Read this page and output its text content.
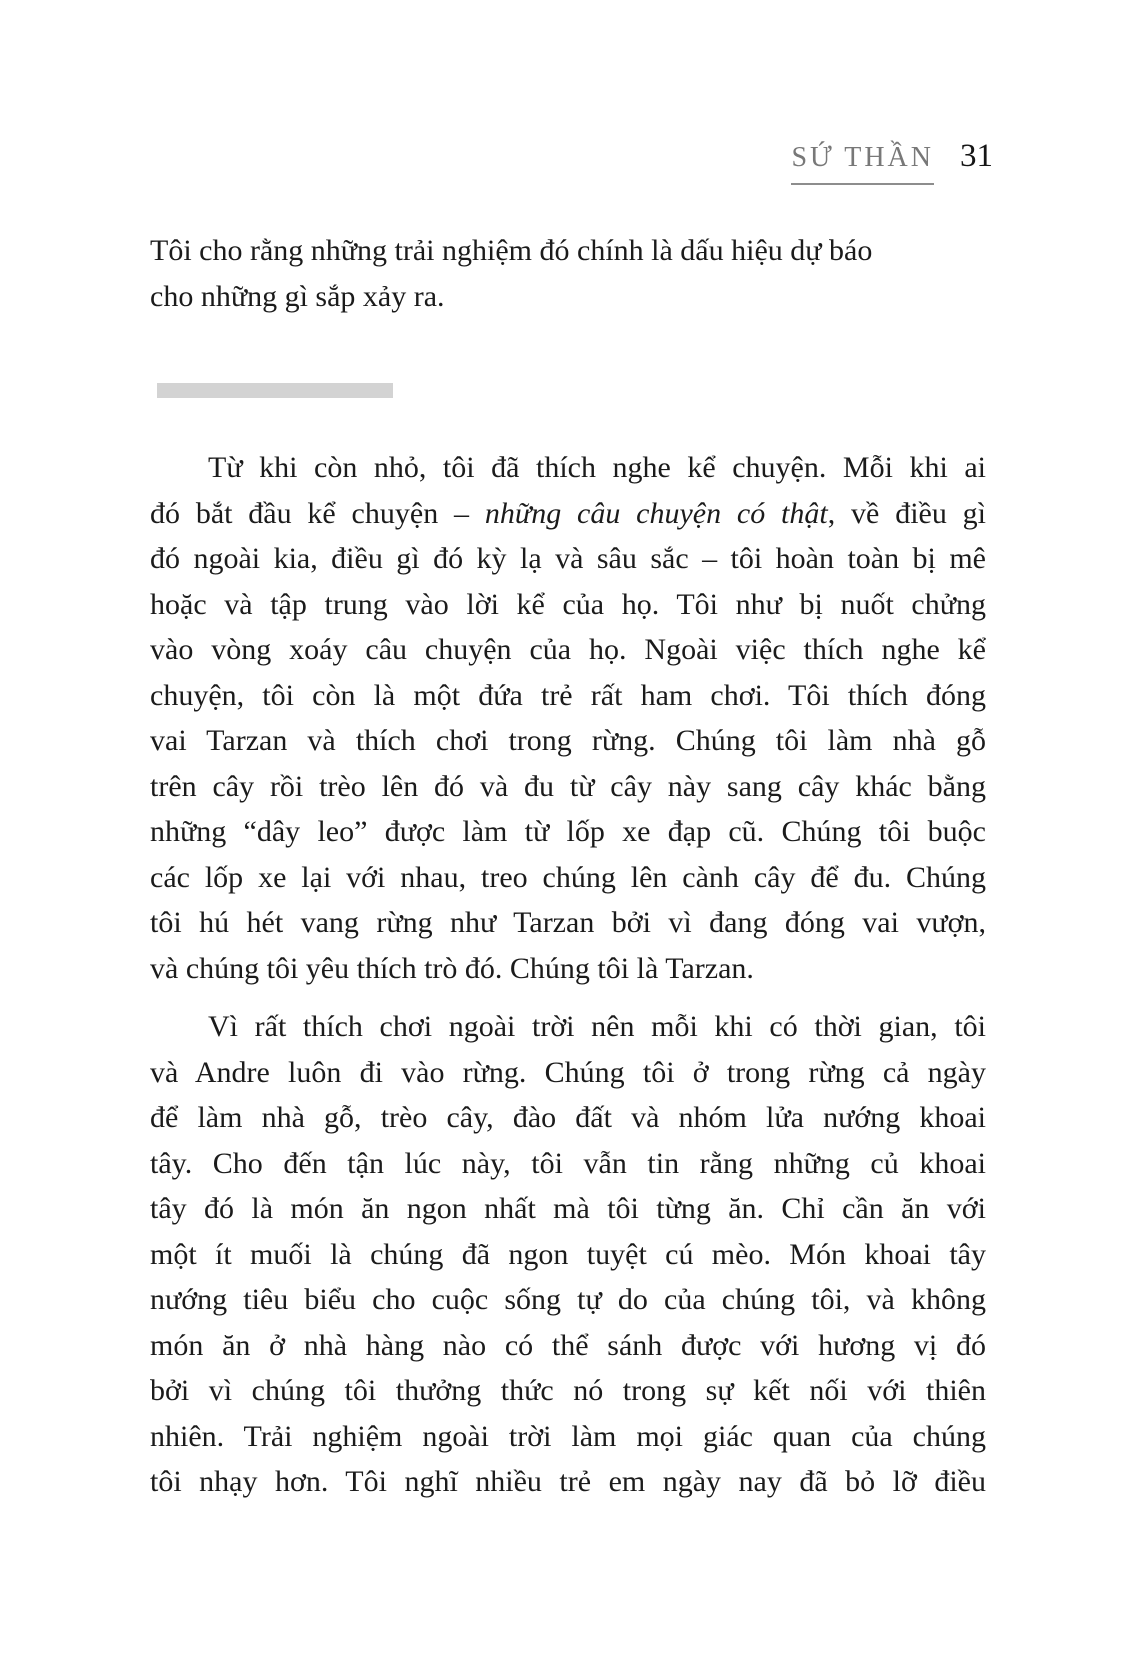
SỨ THẦN 31
Tôi cho rằng những trải nghiệm đó chính là dấu hiệu dự báo
cho những gì sắp xảy ra.
Từ khi còn nhỏ, tôi đã thích nghe kể chuyện. Mỗi khi ai
đó bắt đầu kể chuyện – những câu chuyện có thật, về điều gì
đó ngoài kia, điều gì đó kỳ lạ và sâu sắc – tôi hoàn toàn bị mê
hoặc và tập trung vào lời kể của họ. Tôi như bị nuốt chửng
vào vòng xoáy câu chuyện của họ. Ngoài việc thích nghe kể
chuyện, tôi còn là một đứa trẻ rất ham chơi. Tôi thích đóng
vai Tarzan và thích chơi trong rừng. Chúng tôi làm nhà gỗ
trên cây rồi trèo lên đó và đu từ cây này sang cây khác bằng
những “dây leo” được làm từ lốp xe đạp cũ. Chúng tôi buộc
các lốp xe lại với nhau, treo chúng lên cành cây để đu. Chúng
tôi hú hét vang rừng như Tarzan bởi vì đang đóng vai vượn,
và chúng tôi yêu thích trò đó. Chúng tôi là Tarzan.
Vì rất thích chơi ngoài trời nên mỗi khi có thời gian, tôi
và Andre luôn đi vào rừng. Chúng tôi ở trong rừng cả ngày
để làm nhà gỗ, trèo cây, đào đất và nhóm lửa nướng khoai
tây. Cho đến tận lúc này, tôi vẫn tin rằng những củ khoai
tây đó là món ăn ngon nhất mà tôi từng ăn. Chỉ cần ăn với
một ít muối là chúng đã ngon tuyệt cú mèo. Món khoai tây
nướng tiêu biểu cho cuộc sống tự do của chúng tôi, và không
món ăn ở nhà hàng nào có thể sánh được với hương vị đó
bởi vì chúng tôi thưởng thức nó trong sự kết nối với thiên
nhiên. Trải nghiệm ngoài trời làm mọi giác quan của chúng
tôi nhạy hơn. Tôi nghĩ nhiều trẻ em ngày nay đã bỏ lỡ điều
